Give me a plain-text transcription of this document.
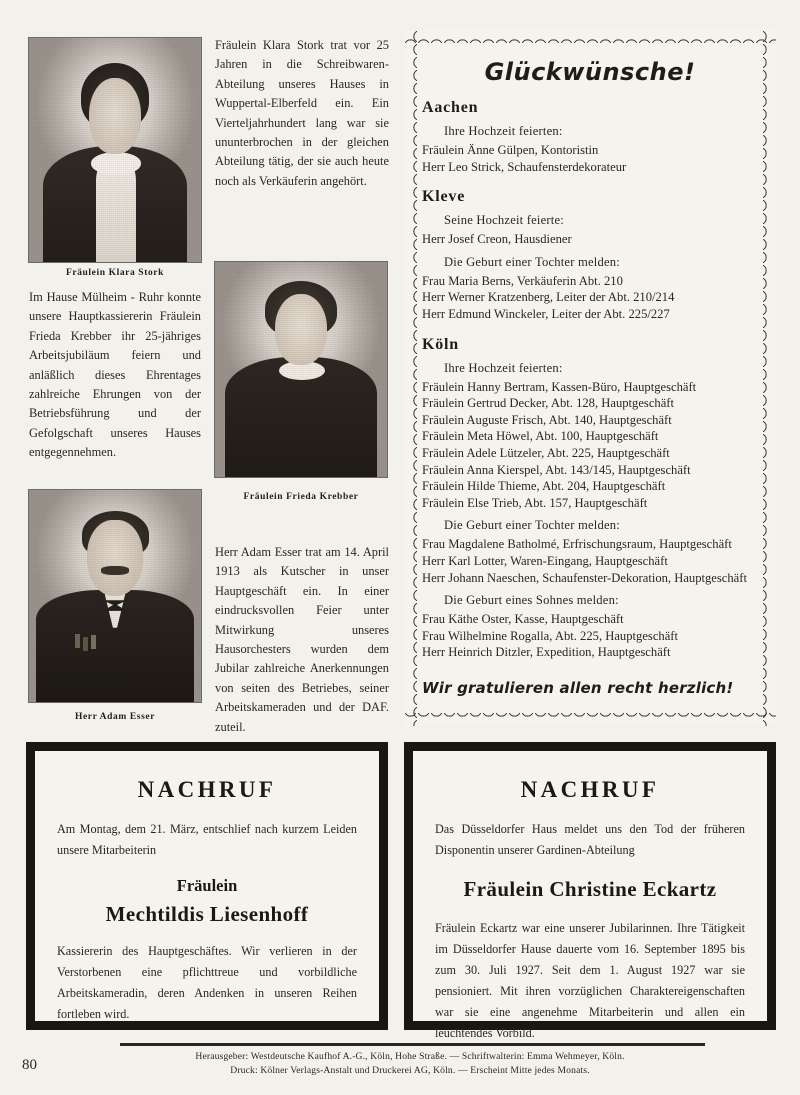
Fräulein Klara Stork
Fräulein Klara Stork trat vor 25 Jahren in die Schreibwaren-Abteilung unseres Hauses in Wuppertal-Elberfeld ein. Ein Vierteljahrhundert lang war sie ununterbrochen in der gleichen Abteilung tätig, der sie auch heute noch als Verkäuferin angehört.
Im Hause Mülheim - Ruhr konnte unsere Hauptkassiererin Fräulein Frieda Krebber ihr 25-jähriges Arbeitsjubiläum feiern und anläßlich dieses Ehrentages zahlreiche Ehrungen von der Betriebsführung und der Gefolgschaft unseres Hauses entgegennehmen.
Fräulein Frieda Krebber
Herr Adam Esser
Herr Adam Esser trat am 14. April 1913 als Kutscher in unser Hauptgeschäft ein. In einer eindrucksvollen Feier unter Mitwirkung unseres Hausorchesters wurden dem Jubilar zahlreiche Anerkennungen von seiten des Betriebes, seiner Arbeitskameraden und der DAF. zuteil.
Glückwünsche!
Aachen
Ihre Hochzeit feierten:
Fräulein Änne Gülpen, Kontoristin
Herr Leo Strick, Schaufensterdekorateur
Kleve
Seine Hochzeit feierte:
Herr Josef Creon, Hausdiener
Die Geburt einer Tochter melden:
Frau Maria Berns, Verkäuferin Abt. 210
Herr Werner Kratzenberg, Leiter der Abt. 210/214
Herr Edmund Winckeler, Leiter der Abt. 225/227
Köln
Ihre Hochzeit feierten:
Fräulein Hanny Bertram, Kassen-Büro, Hauptgeschäft
Fräulein Gertrud Decker, Abt. 128, Hauptgeschäft
Fräulein Auguste Frisch, Abt. 140, Hauptgeschäft
Fräulein Meta Höwel, Abt. 100, Hauptgeschäft
Fräulein Adele Lützeler, Abt. 225, Hauptgeschäft
Fräulein Anna Kierspel, Abt. 143/145, Hauptgeschäft
Fräulein Hilde Thieme, Abt. 204, Hauptgeschäft
Fräulein Else Trieb, Abt. 157, Hauptgeschäft
Die Geburt einer Tochter melden:
Frau Magdalene Batholmé, Erfrischungsraum, Hauptgeschäft
Herr Karl Lotter, Waren-Eingang, Hauptgeschäft
Herr Johann Naeschen, Schaufenster-Dekoration, Hauptgeschäft
Die Geburt eines Sohnes melden:
Frau Käthe Oster, Kasse, Hauptgeschäft
Frau Wilhelmine Rogalla, Abt. 225, Hauptgeschäft
Herr Heinrich Ditzler, Expedition, Hauptgeschäft
Wir gratulieren allen recht herzlich!
NACHRUF
Am Montag, dem 21. März, entschlief nach kurzem Leiden unsere Mitarbeiterin
Fräulein
Mechtildis Liesenhoff
Kassiererin des Hauptgeschäftes. Wir verlieren in der Verstorbenen eine pflichttreue und vorbildliche Arbeitskameradin, deren Andenken in unseren Reihen fortleben wird.
NACHRUF
Das Düsseldorfer Haus meldet uns den Tod der früheren Disponentin unserer Gardinen-Abteilung
Fräulein Christine Eckartz
Fräulein Eckartz war eine unserer Jubilarinnen. Ihre Tätigkeit im Düsseldorfer Hause dauerte vom 16. September 1895 bis zum 30. Juli 1927. Seit dem 1. August 1927 war sie pensioniert. Mit ihren vorzüglichen Charaktereigenschaften war sie eine angenehme Mitarbeiterin und allen ein leuchtendes Vorbild.
Herausgeber: Westdeutsche Kaufhof A.-G., Köln, Hohe Straße. — Schriftwalterin: Emma Wehmeyer, Köln.
Druck: Kölner Verlags-Anstalt und Druckerei AG, Köln. — Erscheint Mitte jedes Monats.
80
